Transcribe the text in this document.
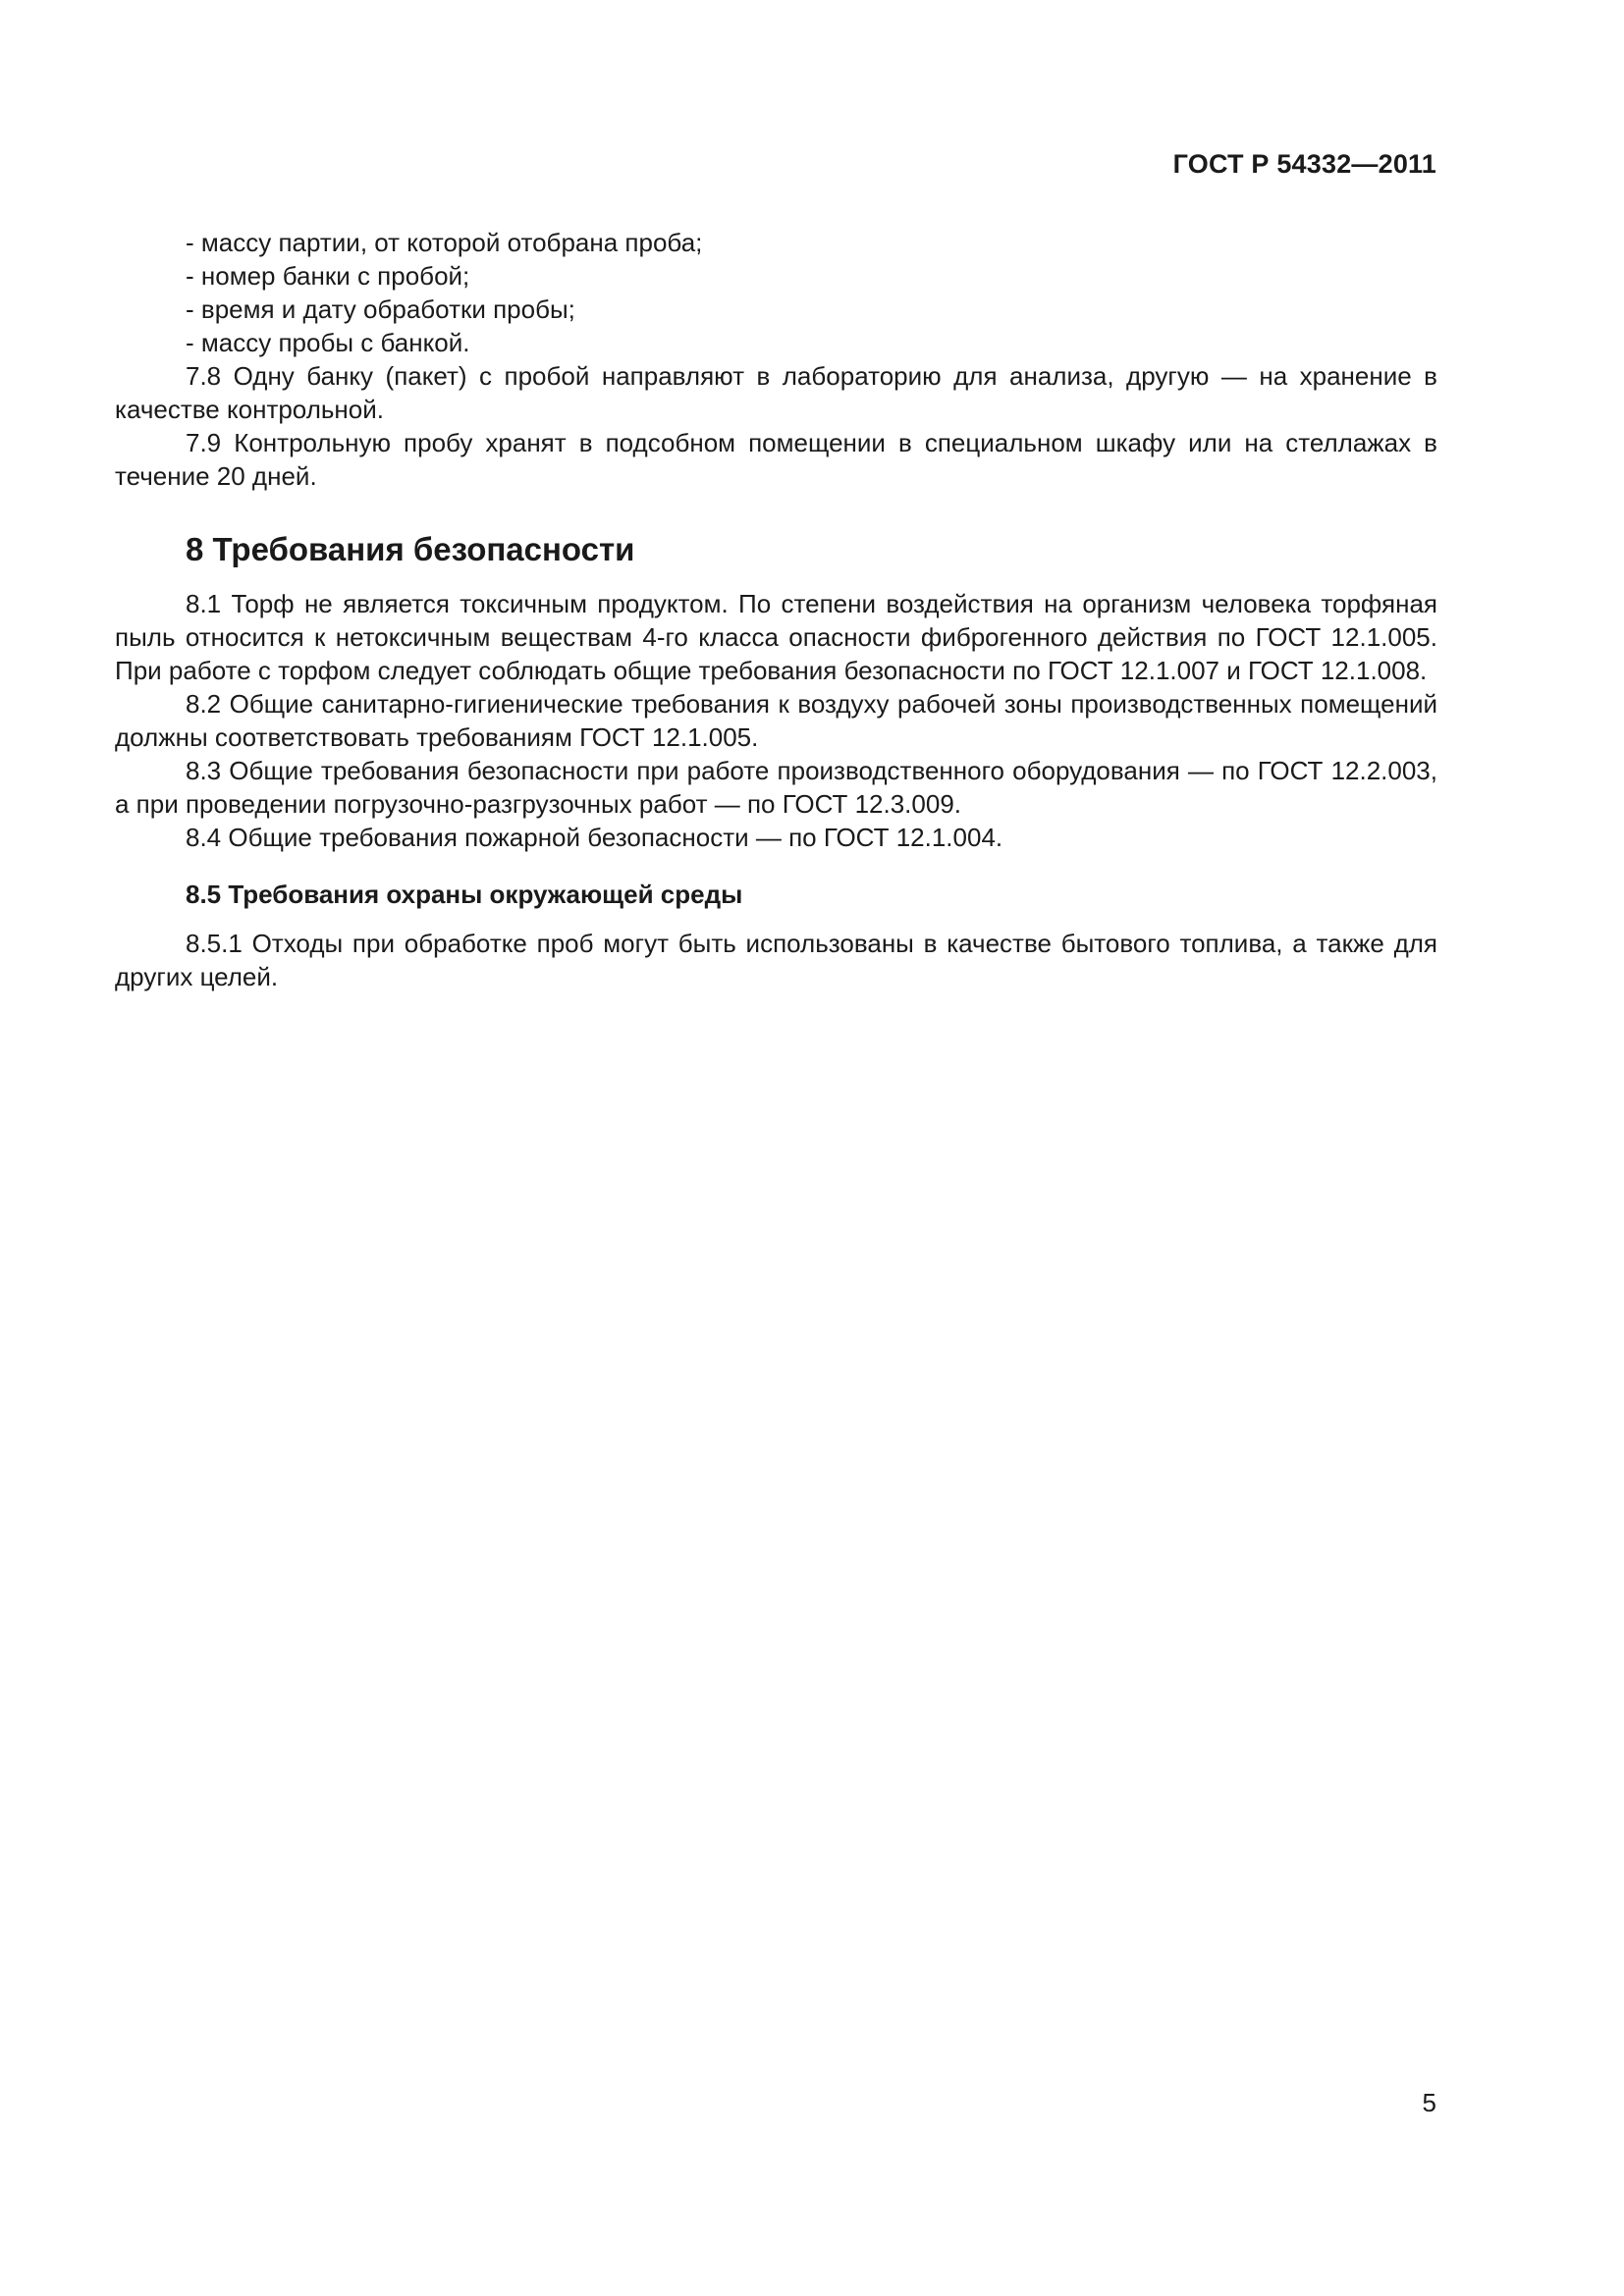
ГОСТ Р 54332—2011

- массу партии, от которой отобрана проба;

- номер банки с пробой;

- время и дату обработки пробы;

- массу пробы с банкой.

7.8 Одну банку (пакет) с пробой направляют в лабораторию для анализа, другую — на хранение в качестве контрольной.

7.9 Контрольную пробу хранят в подсобном помещении в специальном шкафу или на стеллажах в течение 20 дней.

8 Требования безопасности

8.1 Торф не является токсичным продуктом. По степени воздействия на организм человека торфяная пыль относится к нетоксичным веществам 4-го класса опасности фиброгенного действия по ГОСТ 12.1.005. При работе с торфом следует соблюдать общие требования безопасности по ГОСТ 12.1.007 и ГОСТ 12.1.008.

8.2 Общие санитарно-гигиенические требования к воздуху рабочей зоны производственных помещений должны соответствовать требованиям ГОСТ 12.1.005.

8.3 Общие требования безопасности при работе производственного оборудования — по ГОСТ 12.2.003, а при проведении погрузочно-разгрузочных работ — по ГОСТ 12.3.009.

8.4 Общие требования пожарной безопасности — по ГОСТ 12.1.004.

8.5 Требования охраны окружающей среды

8.5.1 Отходы при обработке проб могут быть использованы в качестве бытового топлива, а также для других целей.

5
